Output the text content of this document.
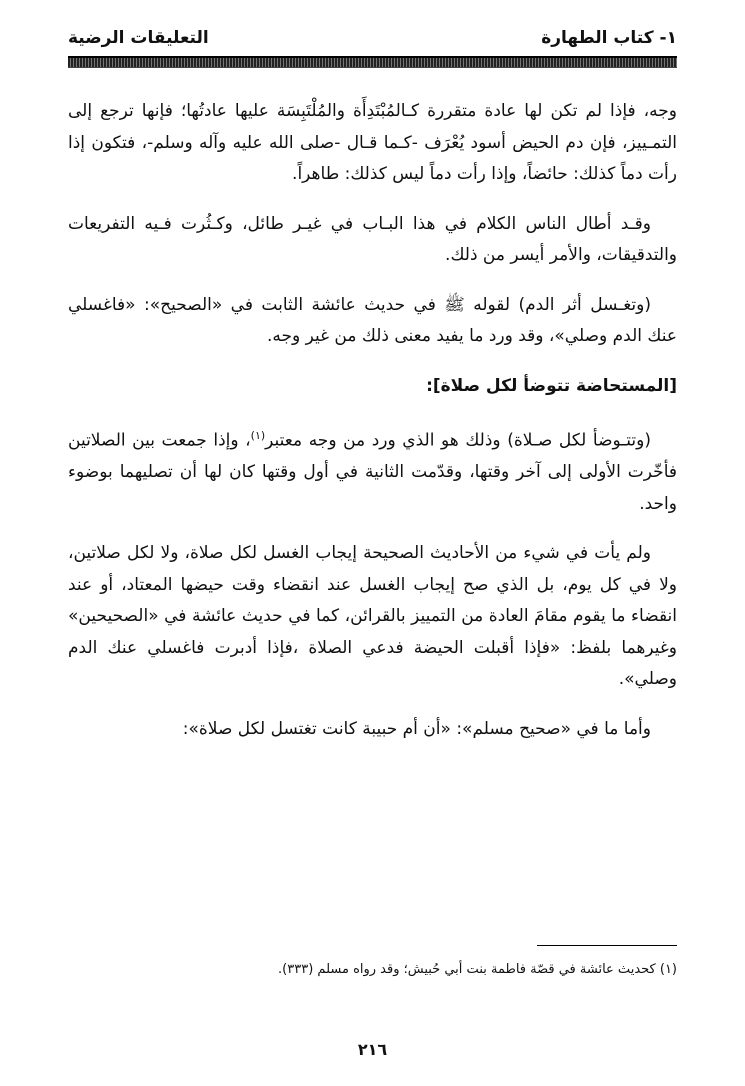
١- كتاب الطهارة
التعليقات الرضية

وجه، فإذا لم تكن لها عادة متقررة كـالمُبْتَدِأَة والمُلْتَبِسَة عليها عادتُها؛ فإنها ترجع إلى التمـييز، فإن دم الحيض أسود يُعْرَف -كـما قـال -صلى الله عليه وآله وسلم-، فتكون إذا رأت دماً كذلك: حائضاً، وإذا رأت دماً ليس كذلك: طاهراً.

وقـد أطال الناس الكلام في هذا البـاب في غيـر طائل، وكـثُرت فـيه التفريعات والتدقيقات، والأمر أيسر من ذلك.

(وتغـسل أثر الدم) لقوله ﷺ في حديث عائشة الثابت في «الصحيح»: «فاغسلي عنك الدم وصلي»، وقد ورد ما يفيد معنى ذلك من غير وجه.

[المستحاضة تتوضأ لكل صلاة]:

(وتتـوضأ لكل صـلاة) وذلك هو الذي ورد من وجه معتبر$^{(١)}$، وإذا جمعت بين الصلاتين فأخّرت الأولى إلى آخر وقتها، وقدّمت الثانية في أول وقتها كان لها أن تصليهما بوضوء واحد.

ولم يأت في شيء من الأحاديث الصحيحة إيجاب الغسل لكل صلاة، ولا لكل صلاتين، ولا في كل يوم، بل الذي صح إيجاب الغسل عند انقضاء وقت حيضها المعتاد، أو عند انقضاء ما يقوم مقامَ العادة من التمييز بالقرائن، كما في حديث عائشة في «الصحيحين» وغيرهما بلفظ: «فإذا أقبلت الحيضة فدعي الصلاة ،فإذا أدبرت فاغسلي عنك الدم وصلي».

وأما ما في «صحيح مسلم»: «أن أم حبيبة كانت تغتسل لكل صلاة»:

(١) كحديث عائشة في قصّة فاطمة بنت أبي حُبيش؛ وقد رواه مسلم (٣٣٣).
٢١٦
